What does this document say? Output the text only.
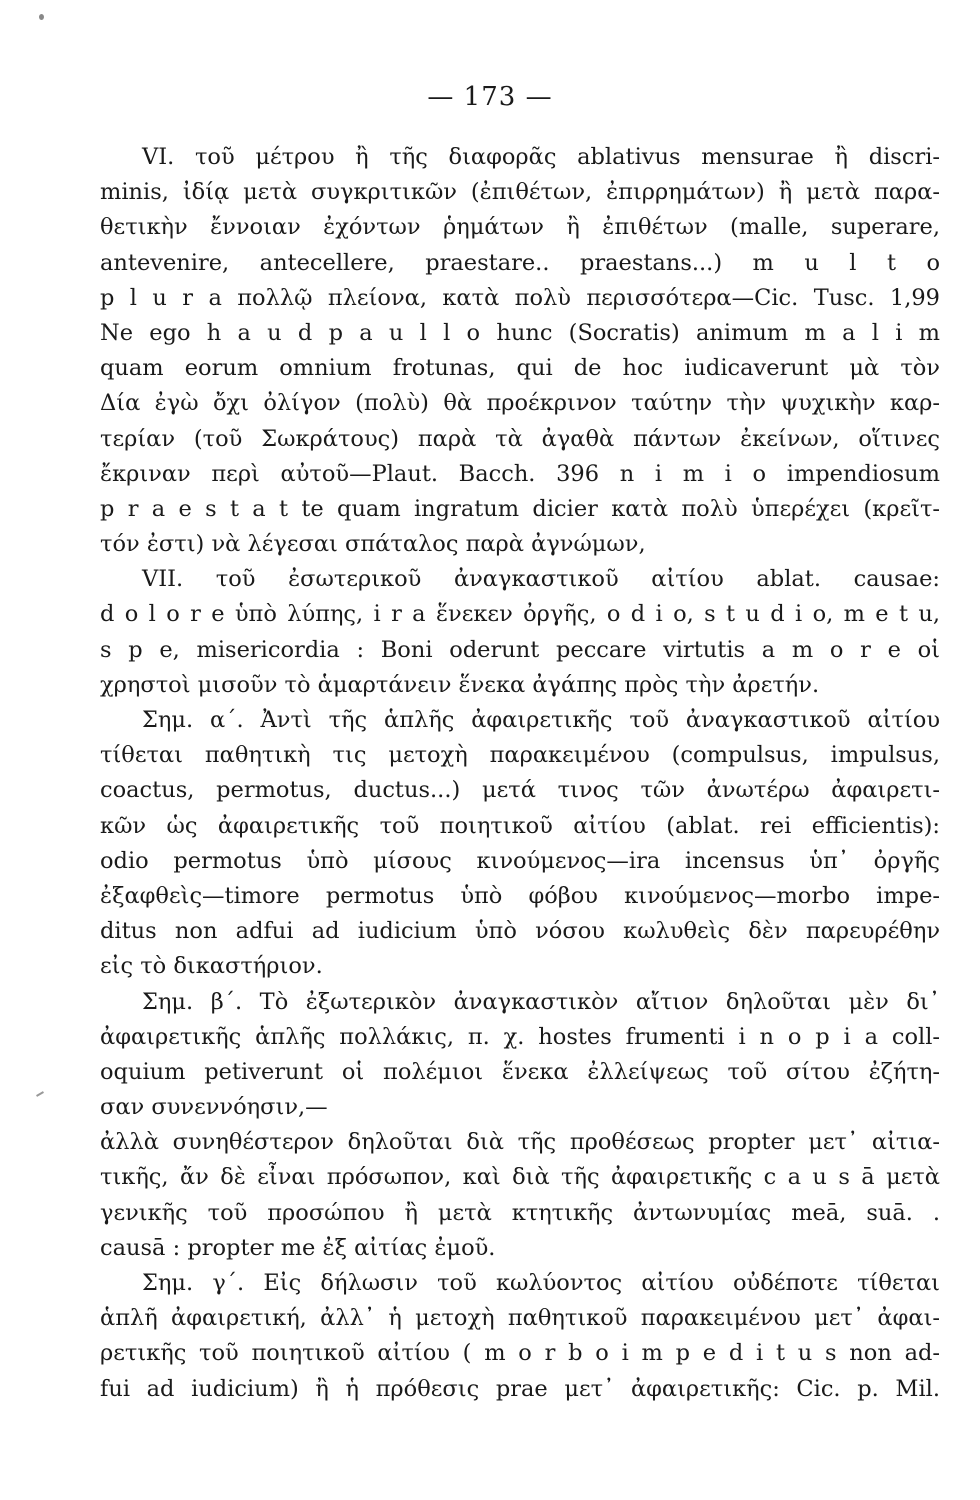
— 173 —
VI. τοῦ μέτρου ἢ τῆς διαφορᾶς ablativus mensurae ἢ discri-
minis, ἰδίᾳ μετὰ συγκριτικῶν (ἐπιθέτων, ἐπιρρημάτων) ἢ μετὰ παρα-
θετικὴν ἔννοιαν ἐχόντων ῥημάτων ἢ ἐπιθέτων (malle, superare,
antevenire, antecellere, praestare.. praestans...) m u l t o
p l u r a πολλῷ πλείονα, κατὰ πολὺ περισσότερα—Cic. Tusc. 1,99
Ne ego h a u d p a u l l o hunc (Socratis) animum m a l i m
quam eorum omnium frotunas, qui de hoc iudicaverunt μὰ τὸν
Δία ἐγὼ ὄχι ὀλίγον (πολὺ) θὰ προέκρινον ταύτην τὴν ψυχικὴν καρ-
τερίαν (τοῦ Σωκράτους) παρὰ τὰ ἀγαθὰ πάντων ἐκείνων, οἵτινες
ἔκριναν περὶ αὐτοῦ—Plaut. Bacch. 396 n i m i o impendiosum
p r a e s t a t te quam ingratum dicier κατὰ πολὺ ὑπερέχει (κρεῖτ-
τόν ἐστι) νὰ λέγεσαι σπάταλος παρὰ ἀγνώμων,
VII. τοῦ ἐσωτερικοῦ ἀναγκαστικοῦ αἰτίου ablat. causae:
d o l o r e ὑπὸ λύπης, i r a ἕνεκεν ὀργῆς, o d i o, s t u d i o, m e t u,
s p e, misericordia : Boni oderunt peccare virtutis a m o r e οἱ
χρηστοὶ μισοῦν τὸ ἁμαρτάνειν ἕνεκα ἀγάπης πρὸς τὴν ἀρετήν.
Σημ. α΄. Ἀντὶ τῆς ἁπλῆς ἀφαιρετικῆς τοῦ ἀναγκαστικοῦ αἰτίου
τίθεται παθητικὴ τις μετοχὴ παρακειμένου (compulsus, impulsus,
coactus, permotus, ductus...) μετά τινος τῶν ἀνωτέρω ἀφαιρετι-
κῶν ὡς ἀφαιρετικῆς τοῦ ποιητικοῦ αἰτίου (ablat. rei efficientis):
odio permotus ὑπὸ μίσους κινούμενος—ira incensus ὑπ᾽ ὀργῆς
ἐξαφθεὶς—timore permotus ὑπὸ φόβου κινούμενος—morbo impe-
ditus non adfui ad iudicium ὑπὸ νόσου κωλυθεὶς δὲν παρευρέθην
εἰς τὸ δικαστήριον.
Σημ. β΄. Τὸ ἐξωτερικὸν ἀναγκαστικὸν αἴτιον δηλοῦται μὲν δι᾽
ἀφαιρετικῆς ἁπλῆς πολλάκις, π. χ. hostes frumenti i n o p i a coll-
oquium petiverunt οἱ πολέμιοι ἕνεκα ἐλλείψεως τοῦ σίτου ἐζήτη-
σαν συνεννόησιν,—
ἀλλὰ συνηθέστερον δηλοῦται διὰ τῆς προθέσεως propter μετ᾽ αἰτια-
τικῆς, ἄν δὲ εἶναι πρόσωπον, καὶ διὰ τῆς ἀφαιρετικῆς c a u s ā μετὰ
γενικῆς τοῦ προσώπου ἢ μετὰ κτητικῆς ἀντωνυμίας meā, suā. .
causā : propter me ἐξ αἰτίας ἐμοῦ.
Σημ. γ΄. Εἰς δήλωσιν τοῦ κωλύοντος αἰτίου οὐδέποτε τίθεται
ἁπλῆ ἀφαιρετική, ἀλλ᾽ ἡ μετοχὴ παθητικοῦ παρακειμένου μετ᾽ ἀφαι-
ρετικῆς τοῦ ποιητικοῦ αἰτίου ( m o r b o i m p e d i t u s non ad-
fui ad iudicium) ἢ ἡ πρόθεσις prae μετ᾽ ἀφαιρετικῆς: Cic. p. Mil.
